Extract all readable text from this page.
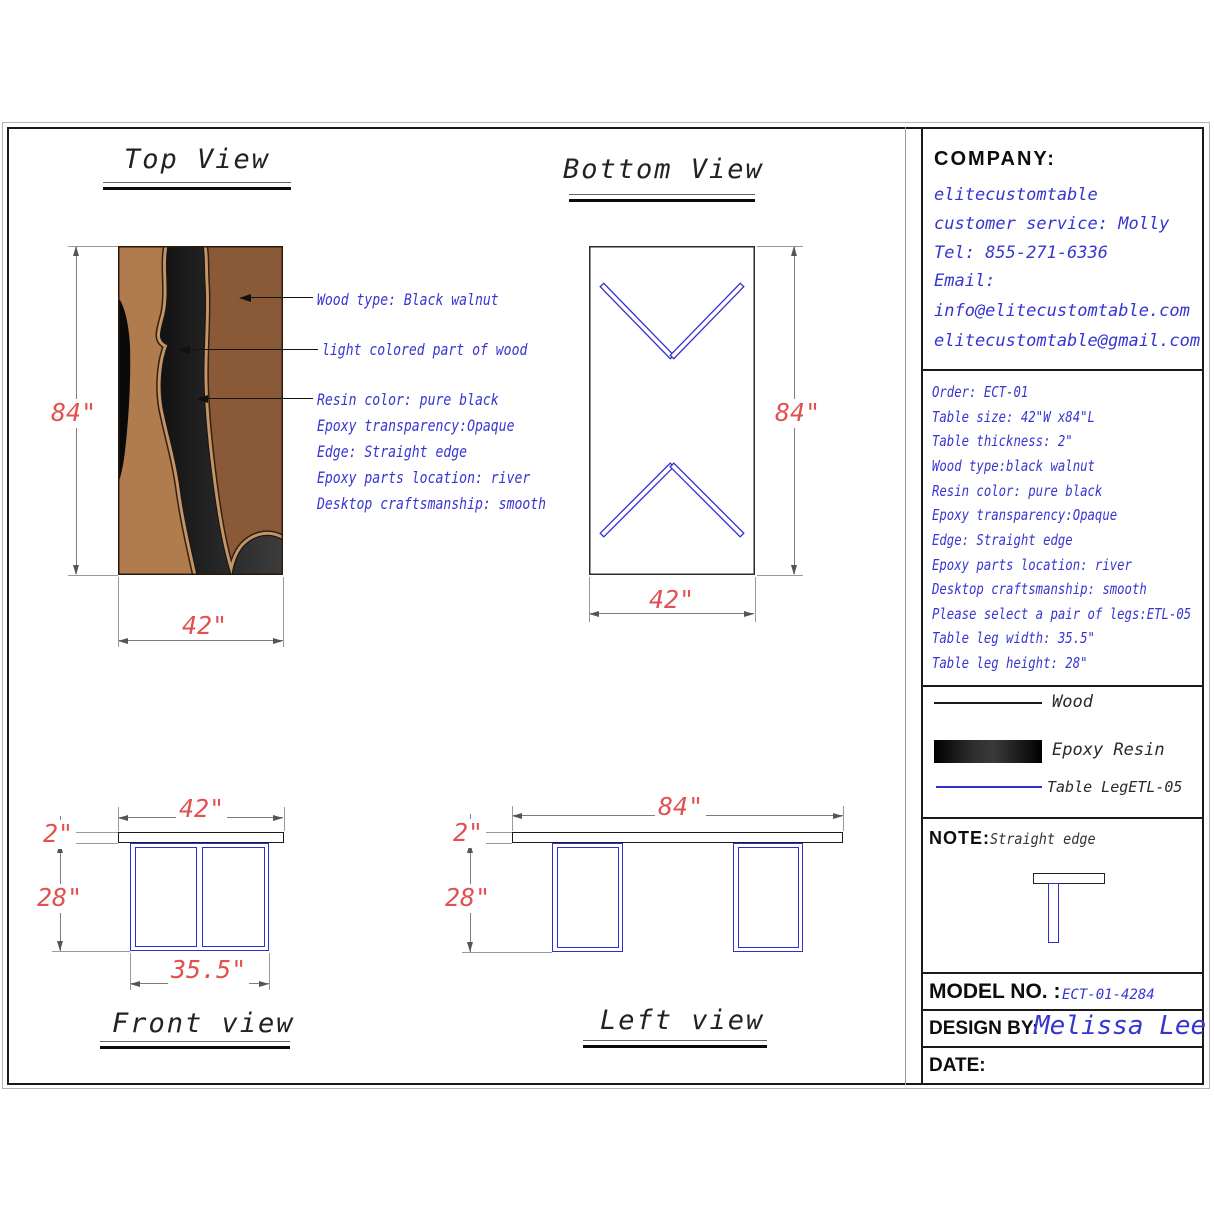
Top View
84"
42"
Wood type: Black walnut
light colored part of wood
Resin color: pure black
Epoxy transparency:Opaque
Edge: Straight edge
Epoxy parts location: river
Desktop craftsmanship: smooth
Bottom View
84"
42"
42"
2"
28"
35.5"
Front view
84"
2"
28"
Left view
COMPANY:
elitecustomtable
customer service: Molly
Tel: 855-271-6336
Email:
info@elitecustomtable.com
elitecustomtable@gmail.com
Order: ECT-01
Table size: 42"W x84"L
Table thickness: 2"
Wood type:black walnut
Resin color: pure black
Epoxy transparency:Opaque
Edge: Straight edge
Epoxy parts location: river
Desktop craftsmanship: smooth
Please select a pair of legs:ETL-05
Table leg width: 35.5"
Table leg height: 28"
Wood
Epoxy Resin
Table LegETL-05
NOTE: Straight edge
MODEL NO. : ECT-01-4284
DESIGN BY:
Melissa Lee
DATE:
